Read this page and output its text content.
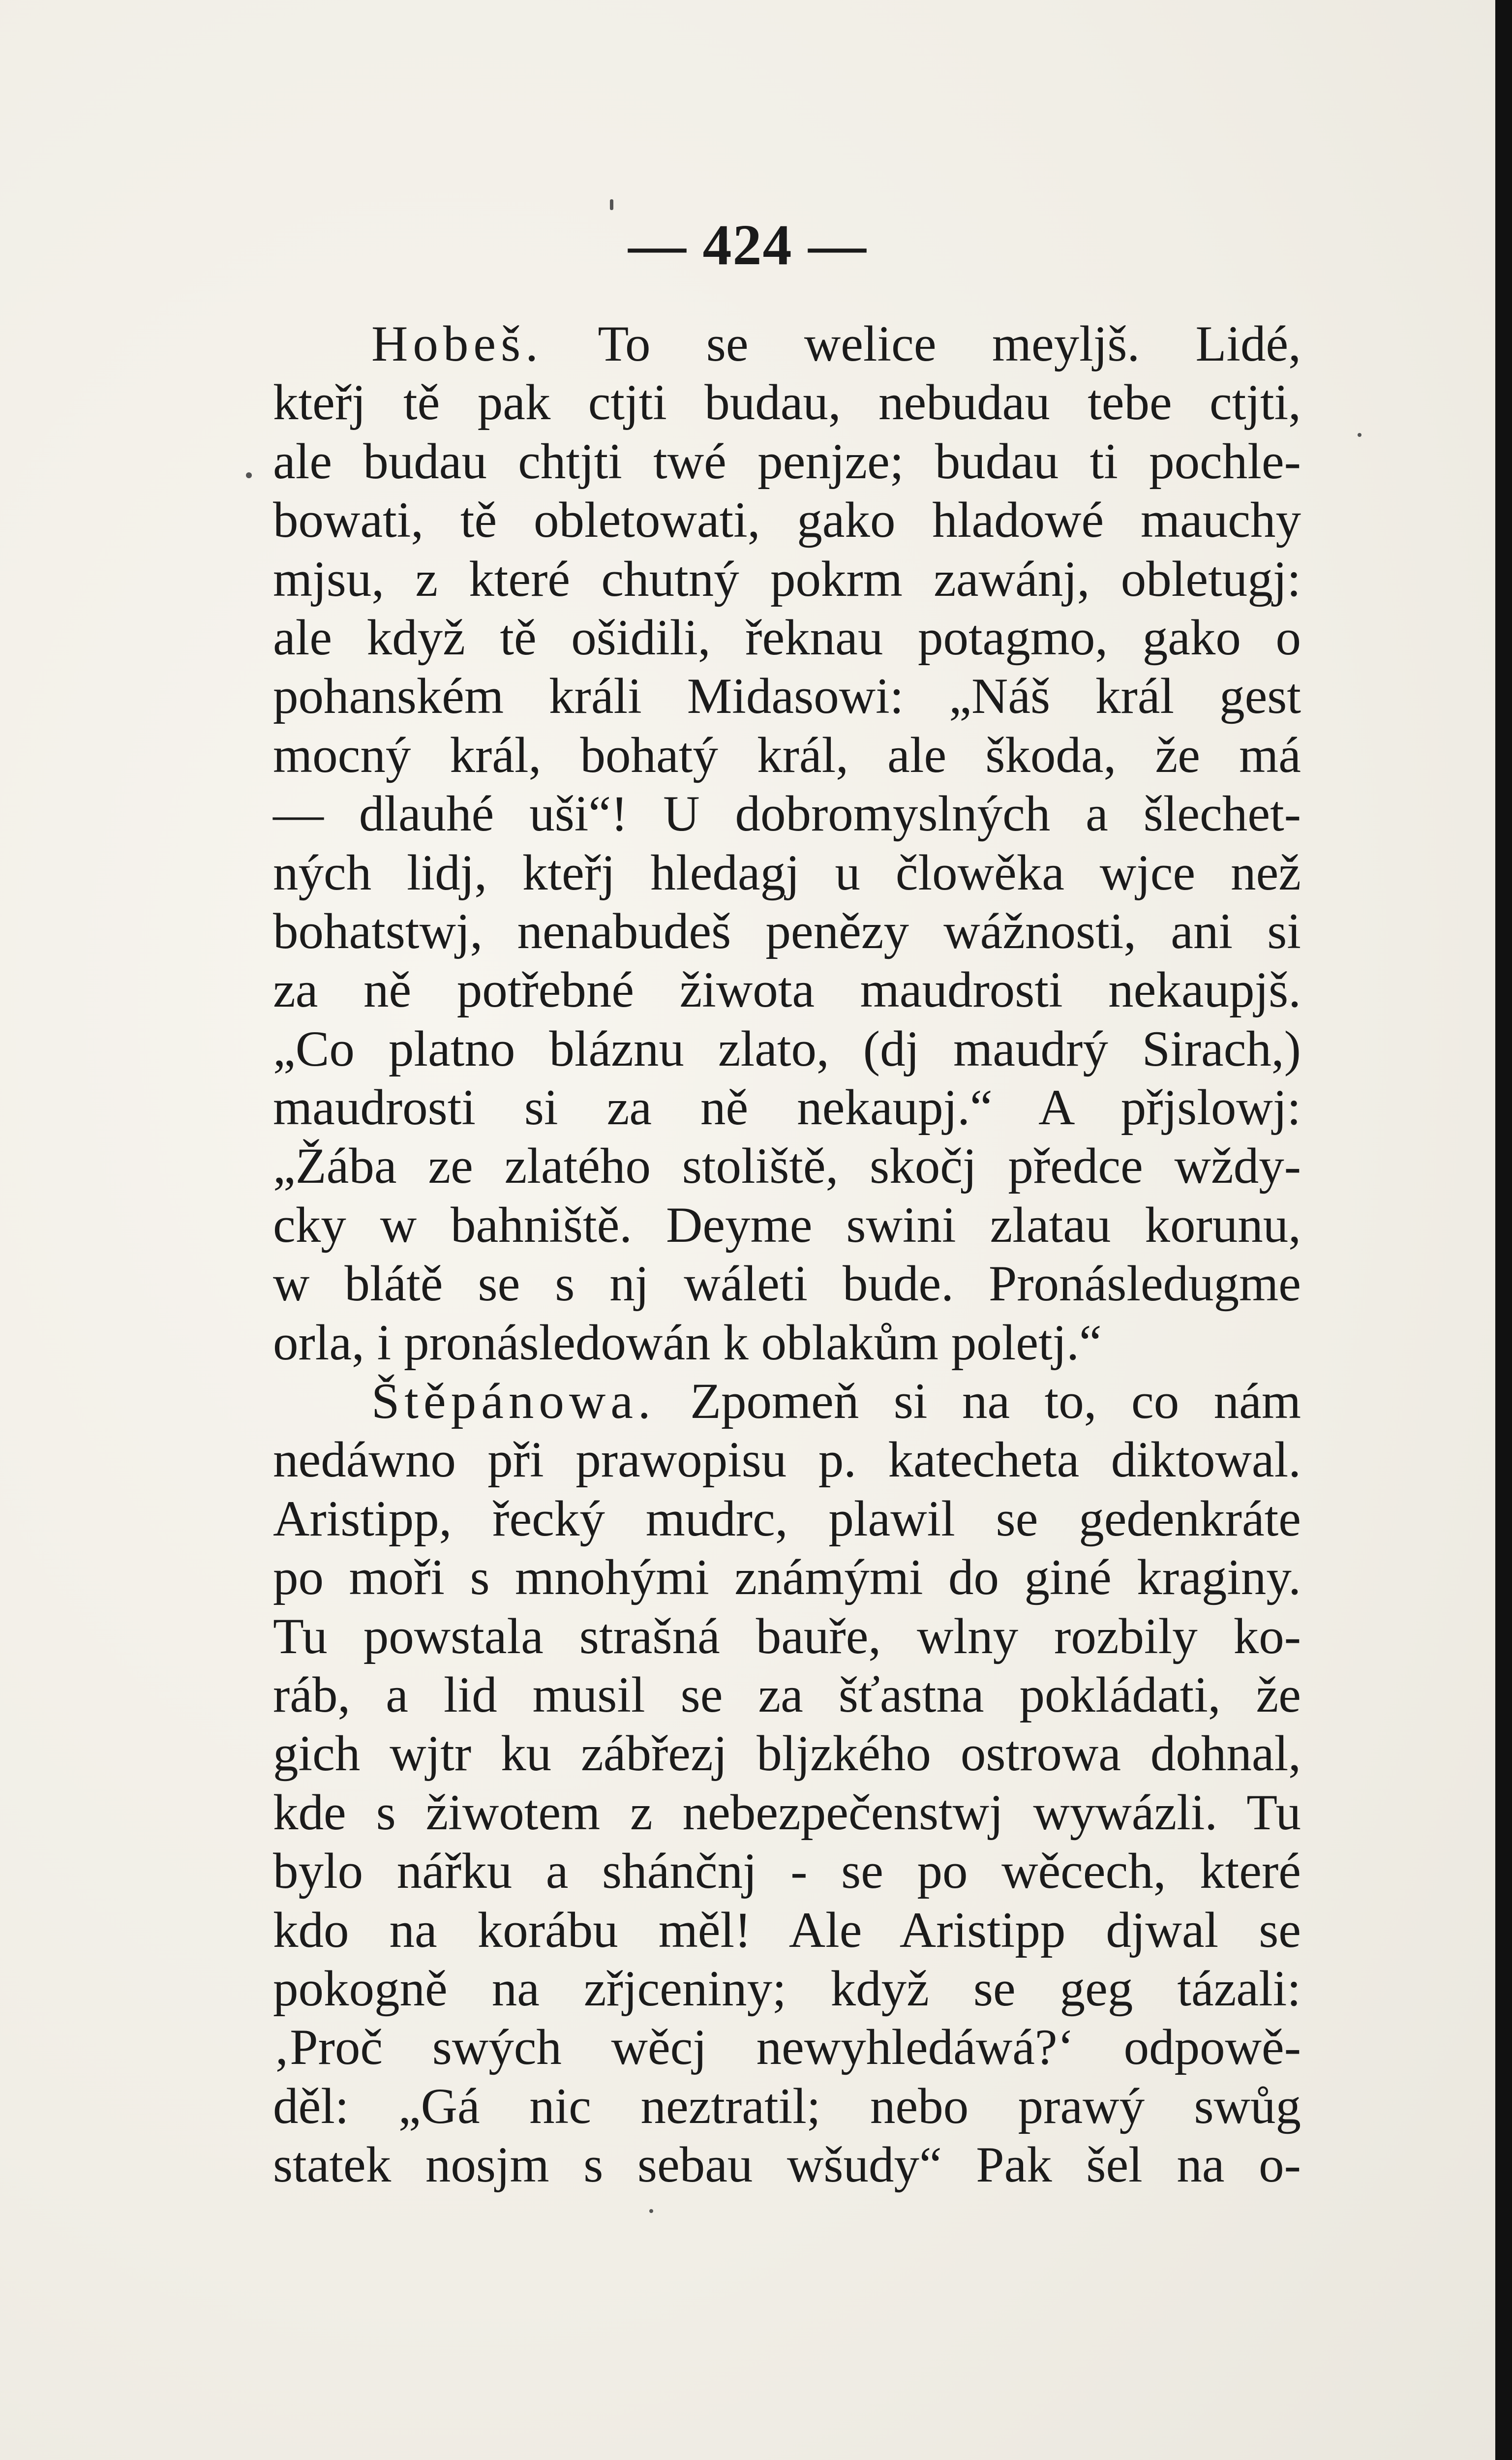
— 424 —
Hobeš. To se welice meylјš. Lidé,
kteřj tě pak ctjti budau, nebudau tebe ctjti,
ale budau chtjti twé penjze; budau ti pochle-
bowati, tě obletowati, gako hladowé mauchy
mjsu, z které chutný pokrm zawánj, obletugj:
ale když tě ošidili, řeknau potagmo, gako o
pohanském králi Midasowi: „Náš král gest
mocný král, bohatý král, ale škoda, že má
— dlauhé uši“! U dobromyslných a šlechet-
ných lidj, kteřj hledagj u člowěka wjce než
bohatstwj, nenabudeš penězy wážnosti, ani si
za ně potřebné žiwota maudrosti nekaupjš.
„Co platno bláznu zlato, (dj maudrý Sirach,)
maudrosti si za ně nekaupj.“ A přjslowj:
„Žába ze zlatého stoliště, skočj předce wždy-
cky w bahniště. Deyme swini zlatau korunu,
w blátě se s nj wáleti bude. Pronásledugme
orla, i pronásledowán k oblakům poletj.“
Štěpánowa. Zpomeň si na to, co nám
nedáwno při prawopisu p. katecheta diktowal.
Aristipp, řecký mudrc, plawil se gedenkráte
po moři s mnohými známými do giné kraginy.
Tu powstala strašná bauře, wlny rozbily ko-
ráb, a lid musil se za šťastna pokládati, že
gich wjtr ku zábřezj bljzkého ostrowa dohnal,
kde s žiwotem z nebezpečenstwj wywázli. Tu
bylo nářku a shánčnj - se po wěcech, které
kdo na korábu měl! Ale Aristipp djwal se
pokogně na zřjceniny; když se geg tázali:
‚Proč swých wěcj newyhledáwá?‘ odpowě-
děl: „Gá nic neztratil; nebo prawý swůg
statek nosjm s sebau wšudy“ Pak šel na o-
